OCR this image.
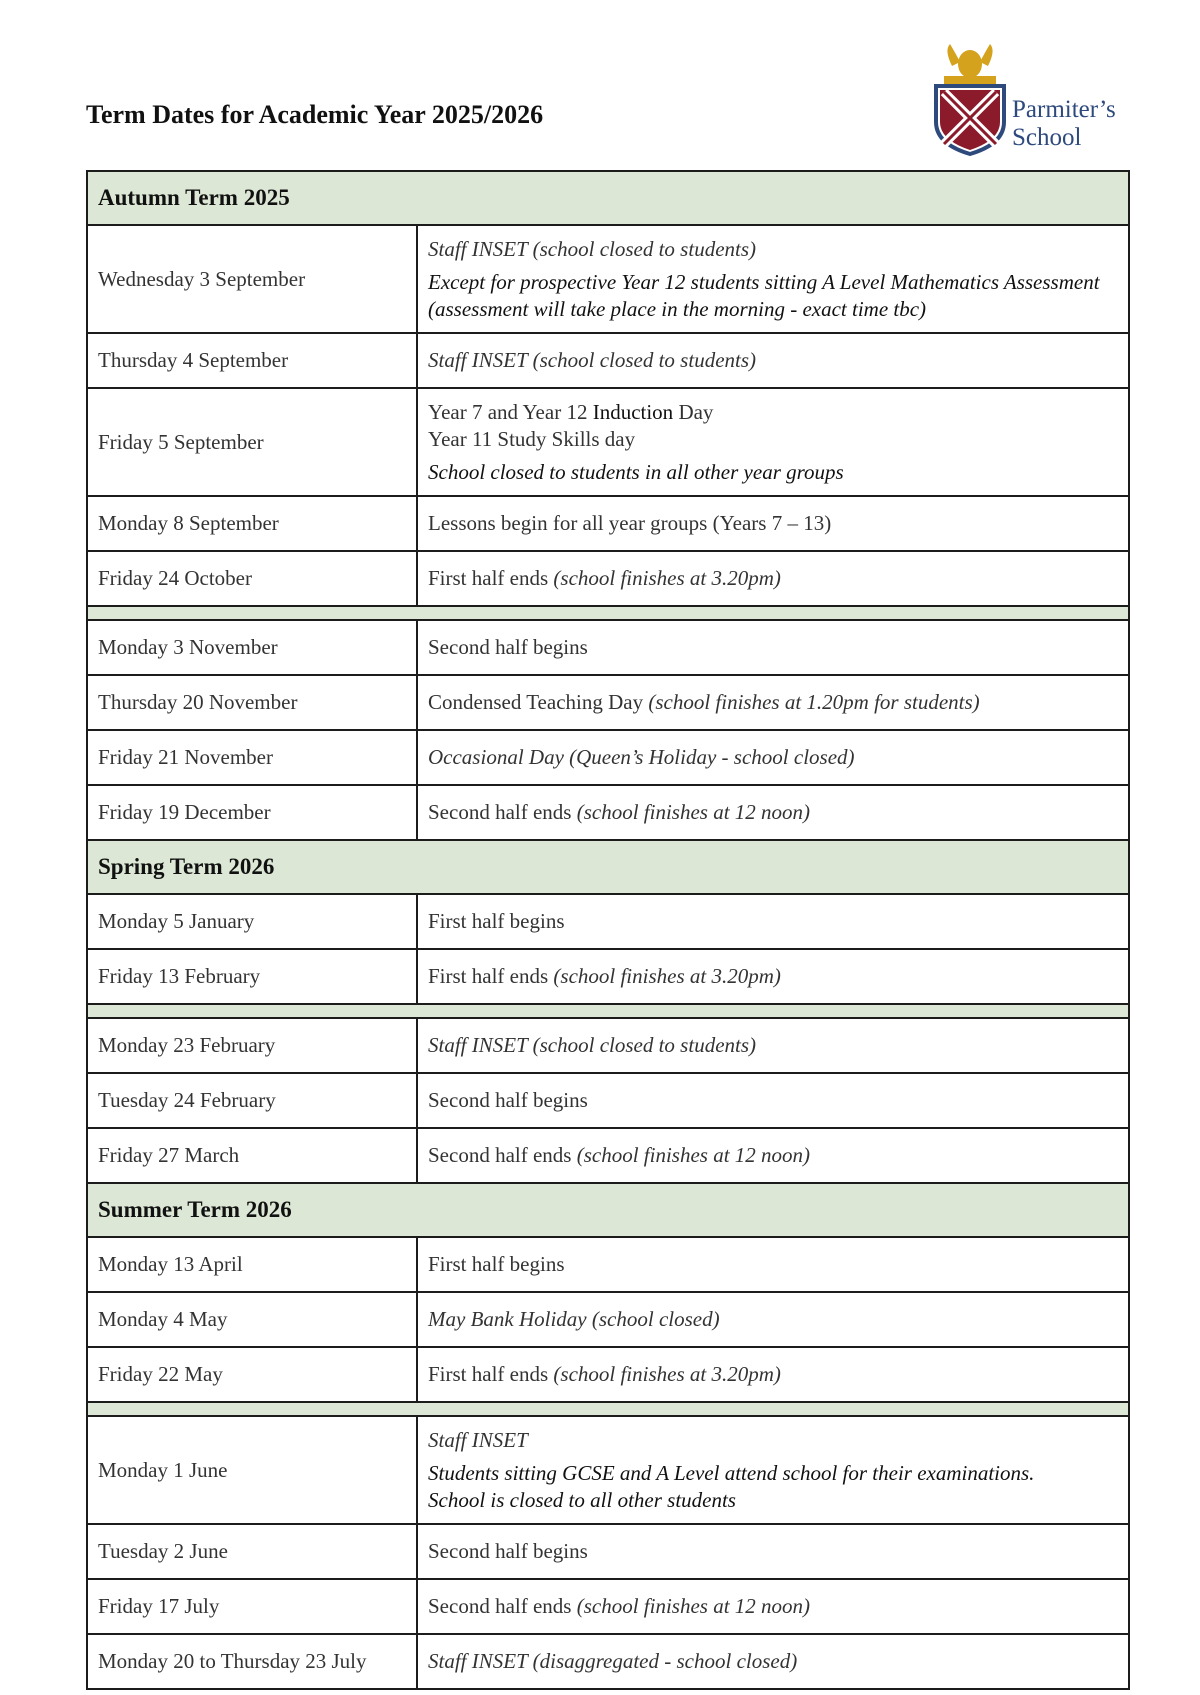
Term Dates for Academic Year 2025/2026	Parmiter’s
School
Autumn Term 2025	
Wednesday 3 September	Staff INSET (school closed to students)
Except for prospective Year 12 students sitting A Level Mathematics Assessment
(assessment will take place in the morning - exact time tbc)

Thursday 4 September	Staff INSET (school closed to students)
Friday 5 September	Year 7 and Year 12 Induction Day
Year 11 Study Skills day
School closed to students in all other year groups

Monday 8 September	Lessons begin for all year groups (Years 7 – 13)
Friday 24 October	First half ends (school finishes at 3.20pm)

Monday 3 November	Second half begins
Thursday 20 November	Condensed Teaching Day (school finishes at 1.20pm for students)
Friday 21 November	Occasional Day (Queen’s Holiday - school closed)
Friday 19 December	Second half ends (school finishes at 12 noon)
Spring Term 2026	
Monday 5 January	First half begins
Friday 13 February	First half ends (school finishes at 3.20pm)

Monday 23 February	Staff INSET (school closed to students)
Tuesday 24 February	Second half begins
Friday 27 March	Second half ends (school finishes at 12 noon)
Summer Term 2026	
Monday 13 April	First half begins
Monday 4 May	May Bank Holiday (school closed)
Friday 22 May	First half ends (school finishes at 3.20pm)

Monday 1 June	Staff INSET
Students sitting GCSE and A Level attend school for their examinations.
School is closed to all other students

Tuesday 2 June	Second half begins
Friday 17 July	Second half ends (school finishes at 12 noon)
Monday 20 to Thursday 23 July	Staff INSET (disaggregated - school closed)
